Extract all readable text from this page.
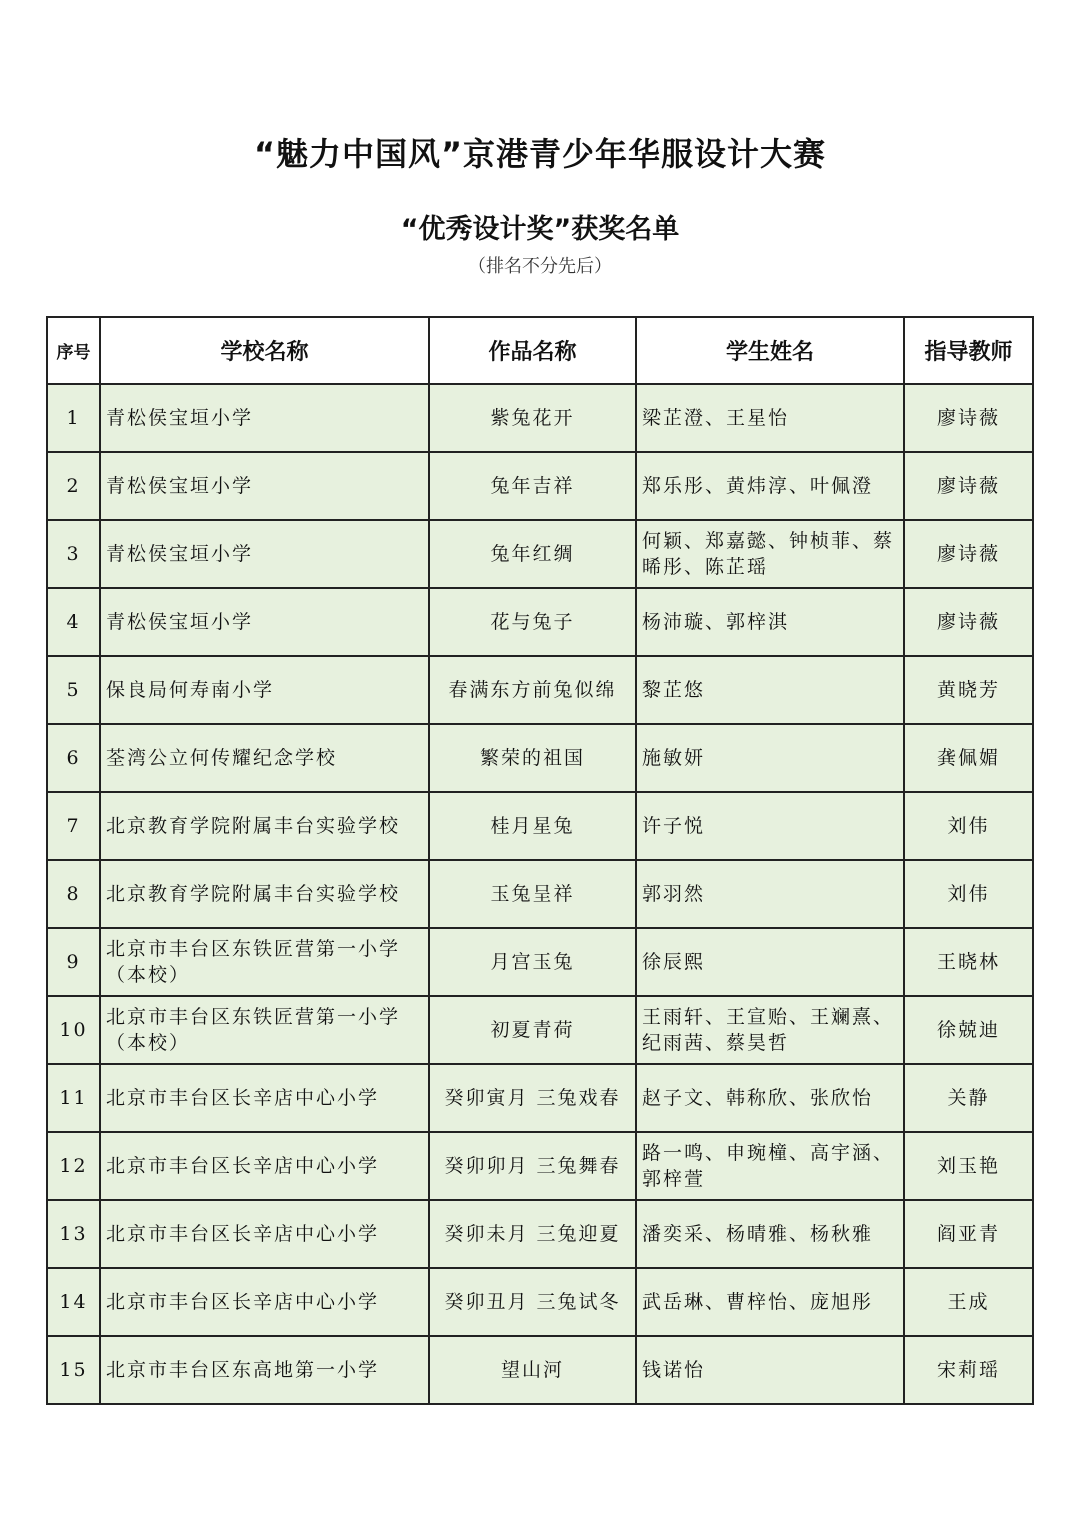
“魅力中国风”京港青少年华服设计大赛
“优秀设计奖”获奖名单
（排名不分先后）
序号	学校名称	作品名称	学生姓名	指导教师
1	青松侯宝垣小学	紫兔花开	梁芷澄、王星怡	廖诗薇
2	青松侯宝垣小学	兔年吉祥	郑乐彤、黄炜淳、叶佩澄	廖诗薇
3	青松侯宝垣小学	兔年红绸	何颖、郑嘉懿、钟桢菲、蔡晞彤、陈芷瑶	廖诗薇
4	青松侯宝垣小学	花与兔子	杨沛璇、郭梓淇	廖诗薇
5	保良局何寿南小学	春满东方前兔似绵	黎芷悠	黄晓芳
6	荃湾公立何传耀纪念学校	繁荣的祖国	施敏妍	龚佩媚
7	北京教育学院附属丰台实验学校	桂月星兔	许子悦	刘伟
8	北京教育学院附属丰台实验学校	玉兔呈祥	郭羽然	刘伟
9	北京市丰台区东铁匠营第一小学（本校）	月宫玉兔	徐辰熙	王晓林
10	北京市丰台区东铁匠营第一小学（本校）	初夏青荷	王雨轩、王宣贻、王斓熹、纪雨茜、蔡昊哲	徐兢迪
11	北京市丰台区长辛店中心小学	癸卯寅月 三兔戏春	赵子文、韩称欣、张欣怡	关静
12	北京市丰台区长辛店中心小学	癸卯卯月 三兔舞春	路一鸣、申琬橦、高宇涵、郭梓萱	刘玉艳
13	北京市丰台区长辛店中心小学	癸卯未月 三兔迎夏	潘奕采、杨晴雅、杨秋雅	阎亚青
14	北京市丰台区长辛店中心小学	癸卯丑月 三兔试冬	武岳琳、曹梓怡、庞旭彤	王成
15	北京市丰台区东高地第一小学	望山河	钱诺怡	宋莉瑶
